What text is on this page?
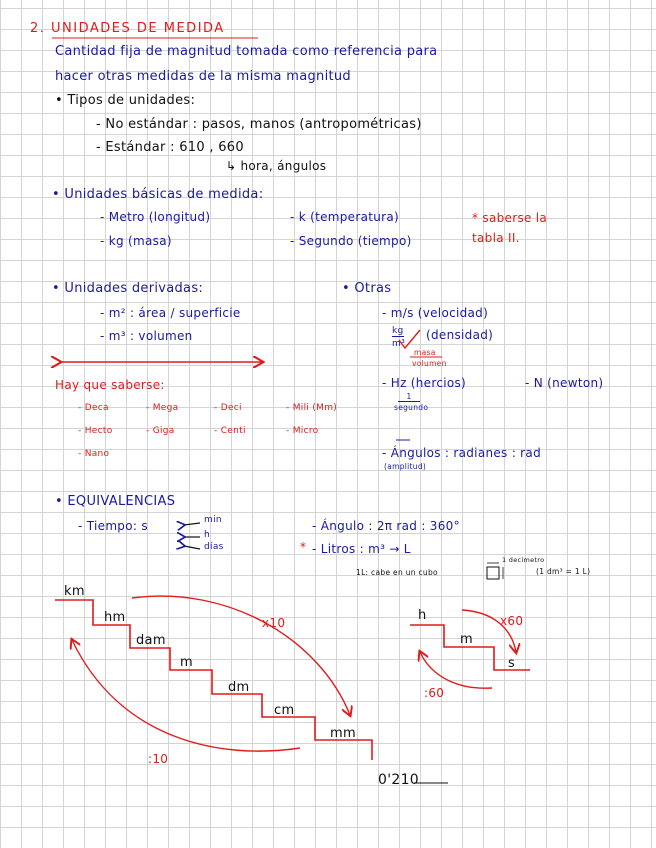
2. UNIDADES DE MEDIDA
Cantidad fija de magnitud tomada como referencia para
hacer otras medidas de la misma magnitud
• Tipos de unidades:
- No estándar : pasos, manos (antropométricas)
- Estándar : 610 , 660
↳ hora, ángulos
• Unidades básicas de medida:
- Metro (longitud)
- kg (masa)
- k (temperatura)
- Segundo (tiempo)
* saberse la tabla II.
• Unidades derivadas:
- m² : área / superficie
- m³ : volumen
• Otras
- m/s (velocidad)
kg
m³
(densidad)
masa
volumen
- Hz (hercios)	- N (newton)
1
segundo
- Ángulos : radianes : rad
(amplitud)
Hay que saberse:
- Deca
- Hecto
- Nano
- Mega
- Giga
- Deci
- Centi
- Mili (Mm)
- Micro
• EQUIVALENCIAS
- Tiempo: s	min
h
días
- Ángulo : 2π rad : 360°
- Litros : m³ → L
*
1L: cabe en un cubo
1 decímetro
(1 dm³ = 1 L)
km
hm
dam
m
dm
cm
mm
x10
:10
0'210
h
m
s
x60
:60
